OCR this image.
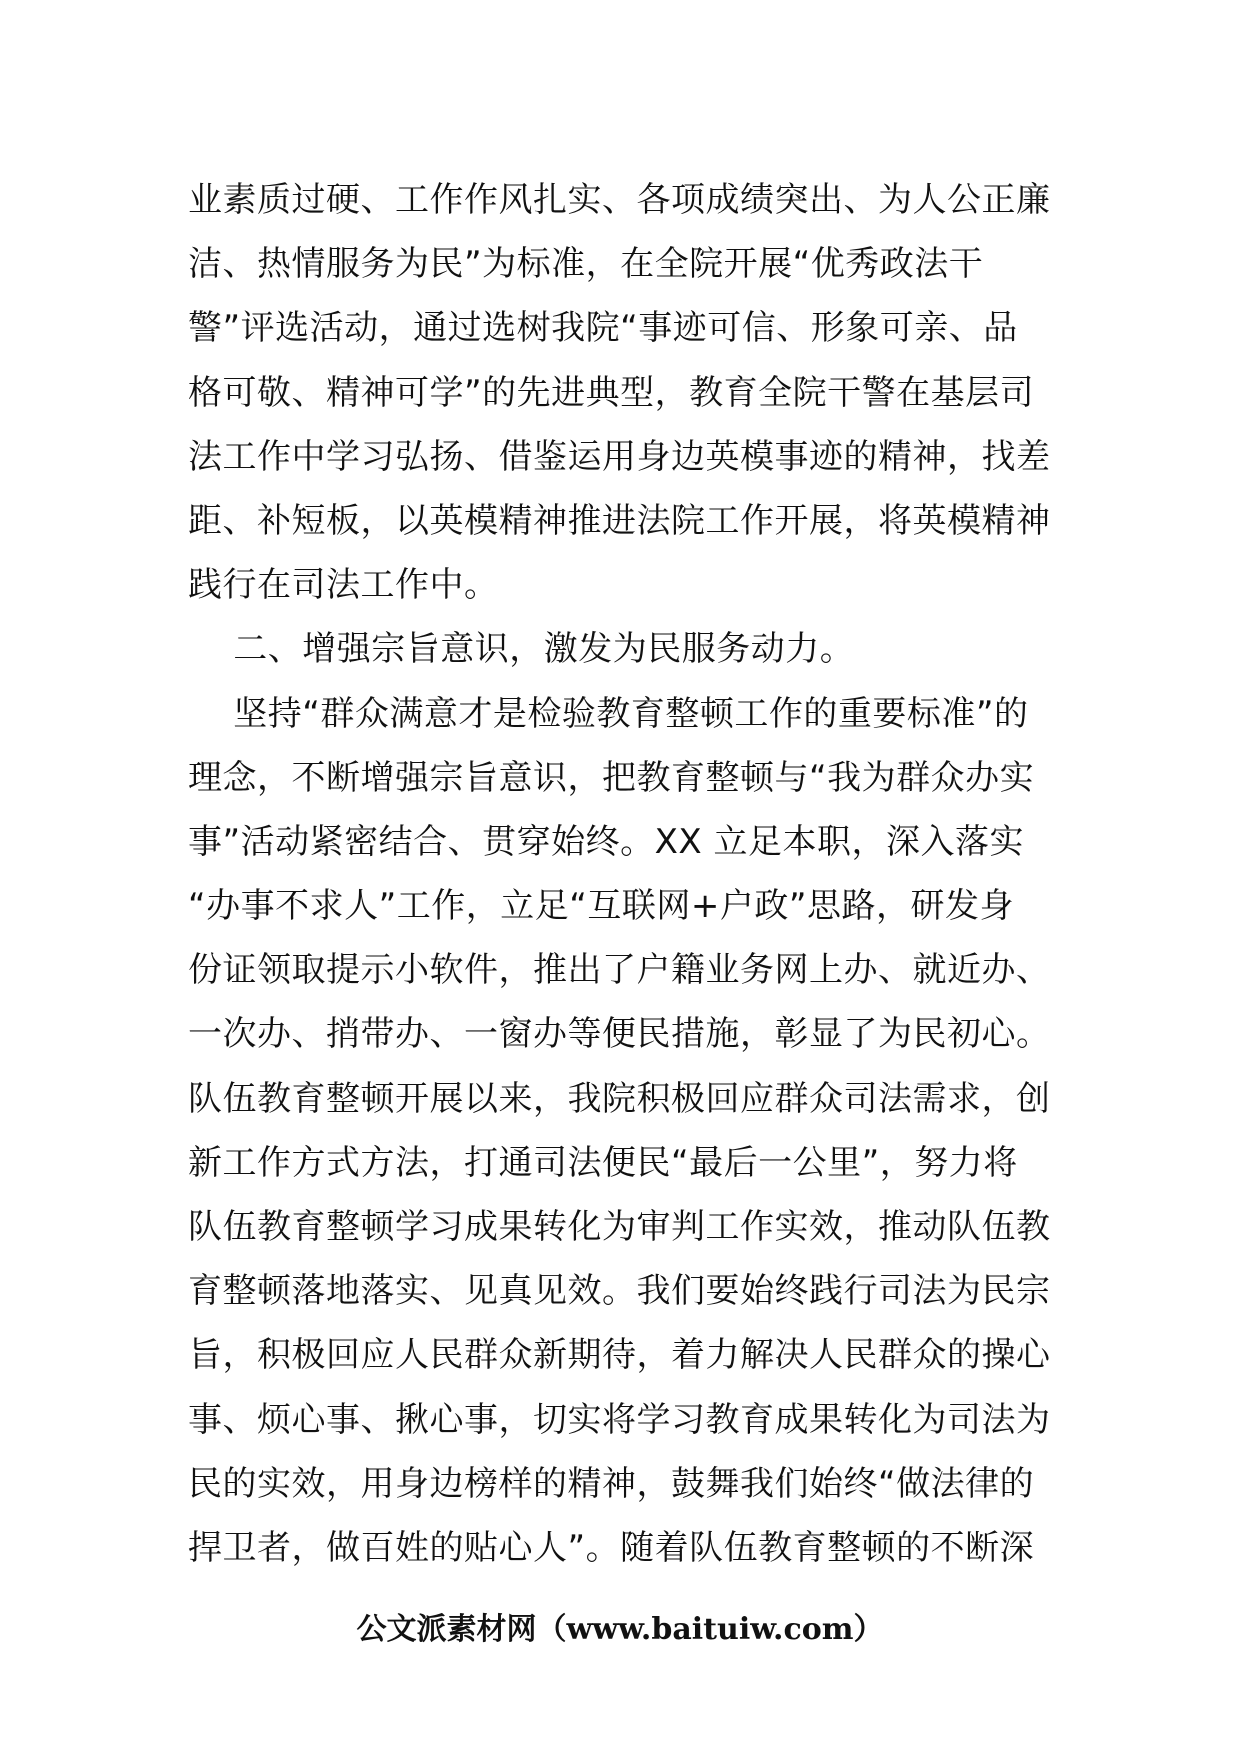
业素质过硬、工作作风扎实、各项成绩突出、为人公正廉
洁、热情服务为民”为标准，在全院开展“优秀政法干
警”评选活动，通过选树我院“事迹可信、形象可亲、品
格可敬、精神可学”的先进典型，教育全院干警在基层司
法工作中学习弘扬、借鉴运用身边英模事迹的精神，找差
距、补短板，以英模精神推进法院工作开展，将英模精神
践行在司法工作中。
二、增强宗旨意识，激发为民服务动力。
坚持“群众满意才是检验教育整顿工作的重要标准”的
理念，不断增强宗旨意识，把教育整顿与“我为群众办实
事”活动紧密结合、贯穿始终。XX 立足本职，深入落实
“办事不求人”工作，立足“互联网+户政”思路，研发身
份证领取提示小软件，推出了户籍业务网上办、就近办、
一次办、捎带办、一窗办等便民措施，彰显了为民初心。
队伍教育整顿开展以来，我院积极回应群众司法需求，创
新工作方式方法，打通司法便民“最后一公里”，努力将
队伍教育整顿学习成果转化为审判工作实效，推动队伍教
育整顿落地落实、见真见效。我们要始终践行司法为民宗
旨，积极回应人民群众新期待，着力解决人民群众的操心
事、烦心事、揪心事，切实将学习教育成果转化为司法为
民的实效，用身边榜样的精神，鼓舞我们始终“做法律的
捍卫者，做百姓的贴心人”。随着队伍教育整顿的不断深
公文派素材网（www.baituiw.com）
